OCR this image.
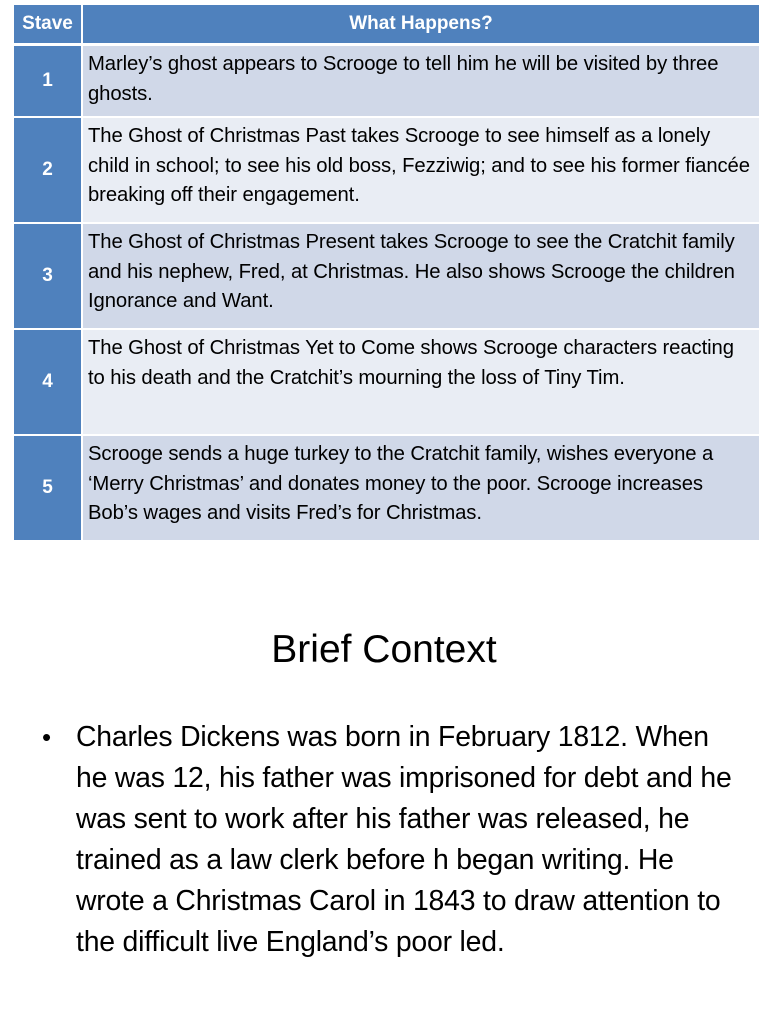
Stave	What Happens?
1	Marley’s ghost appears to Scrooge to tell him he will be visited by three ghosts.
2	The Ghost of Christmas Past takes Scrooge to see himself as a lonely child in school; to see his old boss, Fezziwig; and to see his former fiancée breaking off their engagement.
3	The Ghost of Christmas Present takes Scrooge to see the Cratchit family and his nephew, Fred, at Christmas. He also shows Scrooge the children Ignorance and Want.
4	The Ghost of Christmas Yet to Come shows Scrooge characters reacting to his death and the Cratchit’s mourning the loss of Tiny Tim.
5	Scrooge sends a huge turkey to the Cratchit family, wishes everyone a ‘Merry Christmas’ and donates money to the poor. Scrooge increases Bob’s wages and visits Fred’s for Christmas.
Brief Context
• Charles Dickens was born in February 1812. When he was 12, his father was imprisoned for debt and he was sent to work after his father was released, he trained as a law clerk before h began writing. He wrote a Christmas Carol in 1843 to draw attention to the difficult live England’s poor led.
